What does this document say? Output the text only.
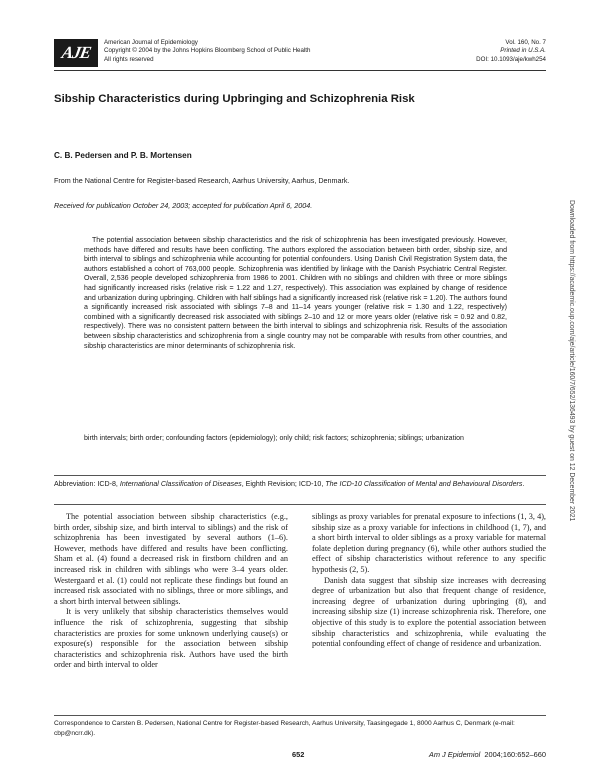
AJE
American Journal of Epidemiology
Copyright © 2004 by the Johns Hopkins Bloomberg School of Public Health
All rights reserved
Vol. 160, No. 7
Printed in U.S.A.
DOI: 10.1093/aje/kwh254
Sibship Characteristics during Upbringing and Schizophrenia Risk

C. B. Pedersen and P. B. Mortensen

From the National Centre for Register-based Research, Aarhus University, Aarhus, Denmark.

Received for publication October 24, 2003; accepted for publication April 6, 2004.

The potential association between sibship characteristics and the risk of schizophrenia has been investigated previously. However, methods have differed and results have been conflicting. The authors explored the association between birth order, sibship size, and birth interval to siblings and schizophrenia while accounting for potential confounders. Using Danish Civil Registration System data, the authors established a cohort of 763,000 people. Schizophrenia was identified by linkage with the Danish Psychiatric Central Register. Overall, 2,536 people developed schizophrenia from 1986 to 2001. Children with no siblings and children with three or more siblings had significantly increased risks (relative risk = 1.22 and 1.27, respectively). This association was explained by change of residence and urbanization during upbringing. Children with half siblings had a significantly increased risk (relative risk = 1.20). The authors found a significantly increased risk associated with siblings 7–8 and 11–14 years younger (relative risk = 1.30 and 1.22, respectively) combined with a significantly decreased risk associated with siblings 2–10 and 12 or more years older (relative risk = 0.92 and 0.82, respectively). There was no consistent pattern between the birth interval to siblings and schizophrenia risk. Results of the association between sibship characteristics and schizophrenia from a single country may not be comparable with results from other countries, and sibship characteristics are minor determinants of schizophrenia risk.

birth intervals; birth order; confounding factors (epidemiology); only child; risk factors; schizophrenia; siblings; urbanization

Abbreviation: ICD-8, International Classification of Diseases, Eighth Revision; ICD-10, The ICD-10 Classification of Mental and Behavioural Disorders.

The potential association between sibship characteristics (e.g., birth order, sibship size, and birth interval to siblings) and the risk of schizophrenia has been investigated by several authors (1–6). However, methods have differed and results have been conflicting. Sham et al. (4) found a decreased risk in firstborn children and an increased risk in children with siblings who were 3–4 years older. Westergaard et al. (1) could not replicate these findings but found an increased risk associated with no siblings, three or more siblings, and a short birth interval between siblings.

It is very unlikely that sibship characteristics themselves would influence the risk of schizophrenia, suggesting that sibship characteristics are proxies for some unknown underlying cause(s) or exposure(s) responsible for the association between sibship characteristics and schizophrenia risk. Authors have used the birth order and birth interval to older

siblings as proxy variables for prenatal exposure to infections (1, 3, 4), sibship size as a proxy variable for infections in childhood (1, 7), and a short birth interval to older siblings as a proxy variable for maternal folate depletion during pregnancy (6), while other authors studied the effect of sibship characteristics without reference to any specific hypothesis (2, 5).

Danish data suggest that sibship size increases with decreasing degree of urbanization but also that frequent change of residence, increasing degree of urbanization during upbringing (8), and increasing sibship size (1) increase schizophrenia risk. Therefore, one objective of this study is to explore the potential association between sibship characteristics and schizophrenia, while evaluating the potential confounding effect of change of residence and urbanization.

Correspondence to Carsten B. Pedersen, National Centre for Register-based Research, Aarhus University, Taasingegade 1, 8000 Aarhus C, Denmark (e-mail: cbp@ncrr.dk).

652	Am J Epidemiol 2004;160:652–660
Downloaded from https://academic.oup.com/aje/article/160/7/652/136493 by guest on 12 December 2021
